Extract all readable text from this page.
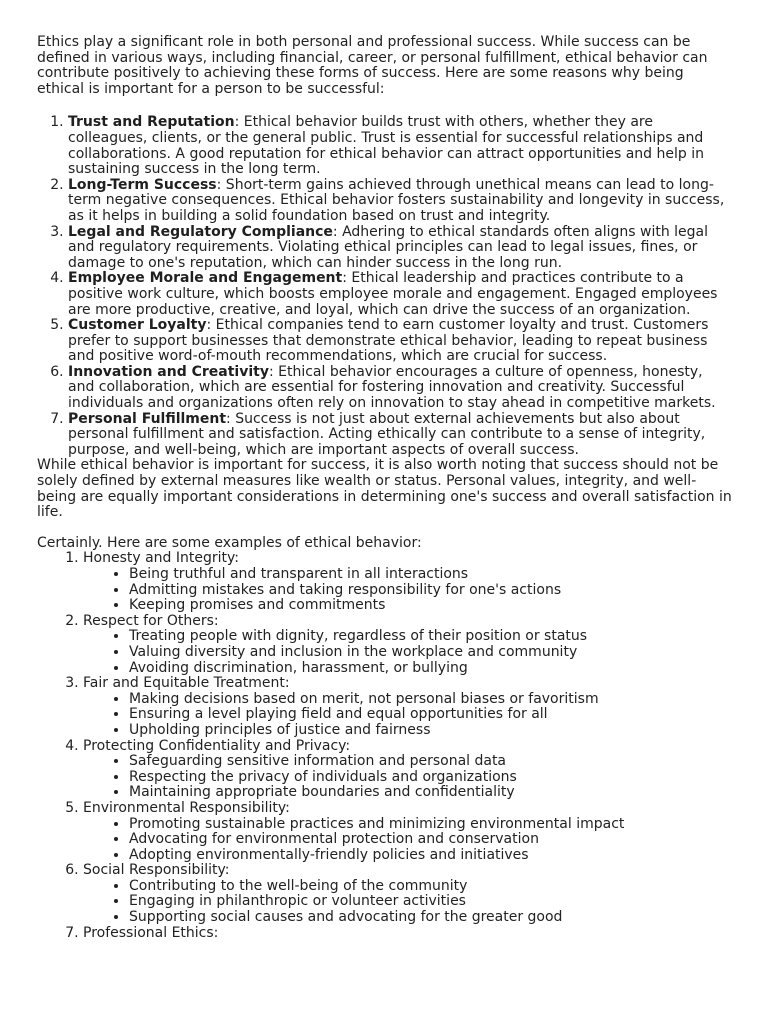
Ethics play a significant role in both personal and professional success. While success can be defined in various ways, including financial, career, or personal fulfillment, ethical behavior can contribute positively to achieving these forms of success. Here are some reasons why being ethical is important for a person to be successful:

1. Trust and Reputation: Ethical behavior builds trust with others, whether they are colleagues, clients, or the general public. Trust is essential for successful relationships and collaborations. A good reputation for ethical behavior can attract opportunities and help in sustaining success in the long term.
2. Long-Term Success: Short-term gains achieved through unethical means can lead to long-term negative consequences. Ethical behavior fosters sustainability and longevity in success, as it helps in building a solid foundation based on trust and integrity.
3. Legal and Regulatory Compliance: Adhering to ethical standards often aligns with legal and regulatory requirements. Violating ethical principles can lead to legal issues, fines, or damage to one's reputation, which can hinder success in the long run.
4. Employee Morale and Engagement: Ethical leadership and practices contribute to a positive work culture, which boosts employee morale and engagement. Engaged employees are more productive, creative, and loyal, which can drive the success of an organization.
5. Customer Loyalty: Ethical companies tend to earn customer loyalty and trust. Customers prefer to support businesses that demonstrate ethical behavior, leading to repeat business and positive word-of-mouth recommendations, which are crucial for success.
6. Innovation and Creativity: Ethical behavior encourages a culture of openness, honesty, and collaboration, which are essential for fostering innovation and creativity. Successful individuals and organizations often rely on innovation to stay ahead in competitive markets.
7. Personal Fulfillment: Success is not just about external achievements but also about personal fulfillment and satisfaction. Acting ethically can contribute to a sense of integrity, purpose, and well-being, which are important aspects of overall success.

While ethical behavior is important for success, it is also worth noting that success should not be solely defined by external measures like wealth or status. Personal values, integrity, and well-being are equally important considerations in determining one's success and overall satisfaction in life.

Certainly. Here are some examples of ethical behavior:

1. Honesty and Integrity:
• Being truthful and transparent in all interactions
• Admitting mistakes and taking responsibility for one's actions
• Keeping promises and commitments
2. Respect for Others:
• Treating people with dignity, regardless of their position or status
• Valuing diversity and inclusion in the workplace and community
• Avoiding discrimination, harassment, or bullying
3. Fair and Equitable Treatment:
• Making decisions based on merit, not personal biases or favoritism
• Ensuring a level playing field and equal opportunities for all
• Upholding principles of justice and fairness
4. Protecting Confidentiality and Privacy:
• Safeguarding sensitive information and personal data
• Respecting the privacy of individuals and organizations
• Maintaining appropriate boundaries and confidentiality
5. Environmental Responsibility:
• Promoting sustainable practices and minimizing environmental impact
• Advocating for environmental protection and conservation
• Adopting environmentally-friendly policies and initiatives
6. Social Responsibility:
• Contributing to the well-being of the community
• Engaging in philanthropic or volunteer activities
• Supporting social causes and advocating for the greater good
7. Professional Ethics:
